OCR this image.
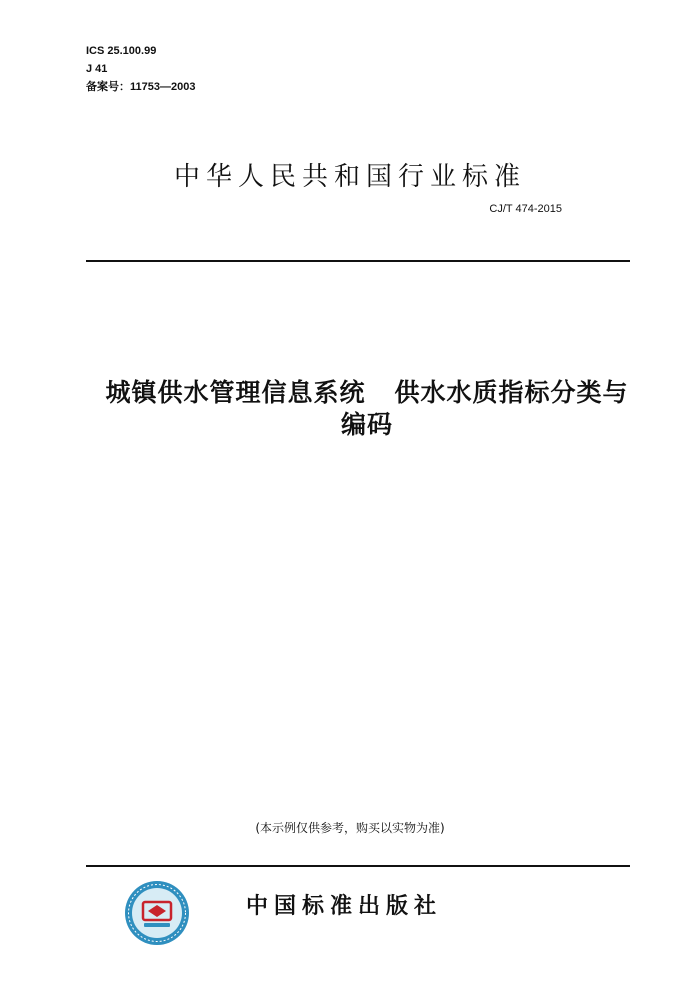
ICS 25.100.99
J 41
备案号：11753—2003
中华人民共和国行业标准
CJ/T 474-2015
城镇供水管理信息系统   供水水质指标分类与
编码
(本示例仅供参考，购买以实物为准)
中国标准出版社
